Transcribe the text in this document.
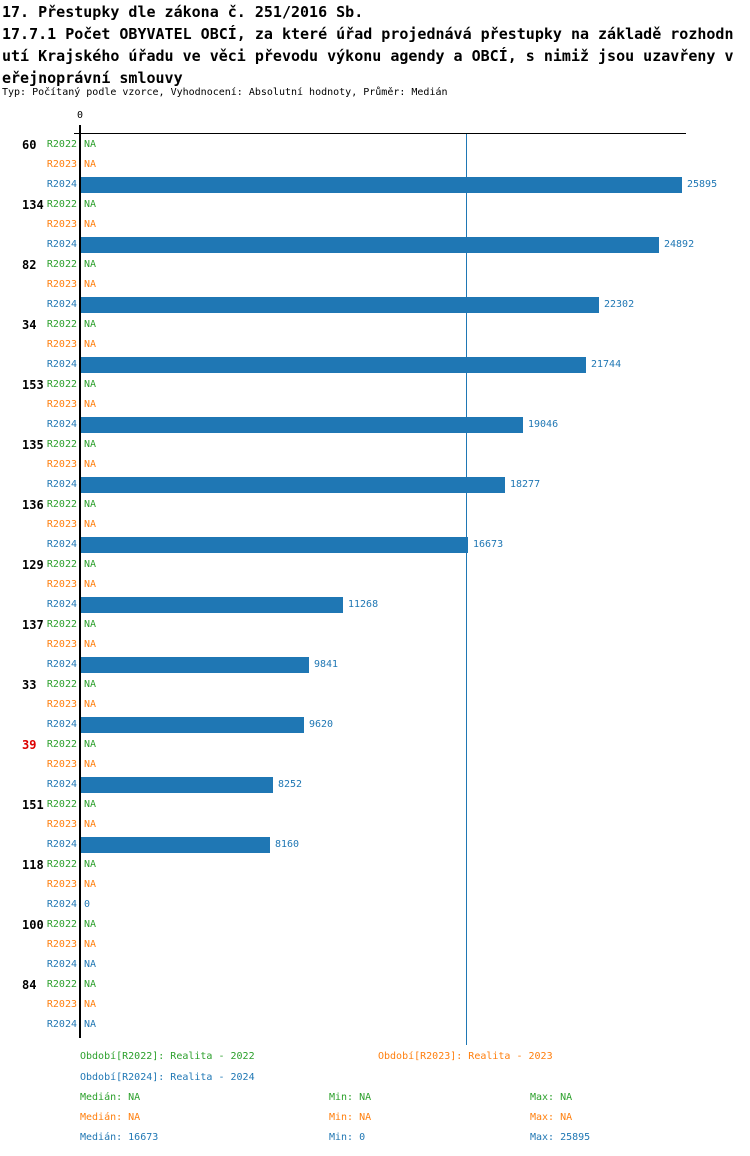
17. Přestupky dle zákona č. 251/2016 Sb.
17.7.1 Počet OBYVATEL OBCÍ, za které úřad projednává přestupky na základě rozhodn
utí Krajského úřadu ve věci převodu výkonu agendy a OBCÍ, s nimiž jsou uzavřeny v
eřejnoprávní smlouvy
Typ: Počítaný podle vzorce, Vyhodnocení: Absolutní hodnoty, Průměr: Medián
0
60	R2022 NA
R2023 NA
R2024	25895
134 R2022 NA
R2023 NA
R2024	24892
82	R2022 NA
R2023 NA
R2024	22302
34	R2022 NA
R2023 NA
R2024	21744
153 R2022 NA
R2023 NA
R2024	19046
135 R2022 NA
R2023 NA
R2024	18277
136 R2022 NA
R2023 NA
R2024	16673
129 R2022 NA
R2023 NA
R2024	11268
137 R2022 NA
R2023 NA
R2024	9841
33	R2022 NA
R2023 NA
R2024	9620
39	R2022 NA
R2023 NA
R2024	8252
151 R2022 NA
R2023 NA
R2024	8160
118 R2022 NA
R2023 NA
R2024 0
100 R2022 NA
R2023 NA
R2024 NA
84	R2022 NA
R2023 NA
R2024 NA
Období[R2022]: Realita - 2022	Období[R2023]: Realita - 2023
Období[R2024]: Realita - 2024
Medián: NA	Min: NA	Max: NA
Medián: NA	Min: NA	Max: NA
Medián: 16673	Min: 0	Max: 25895
